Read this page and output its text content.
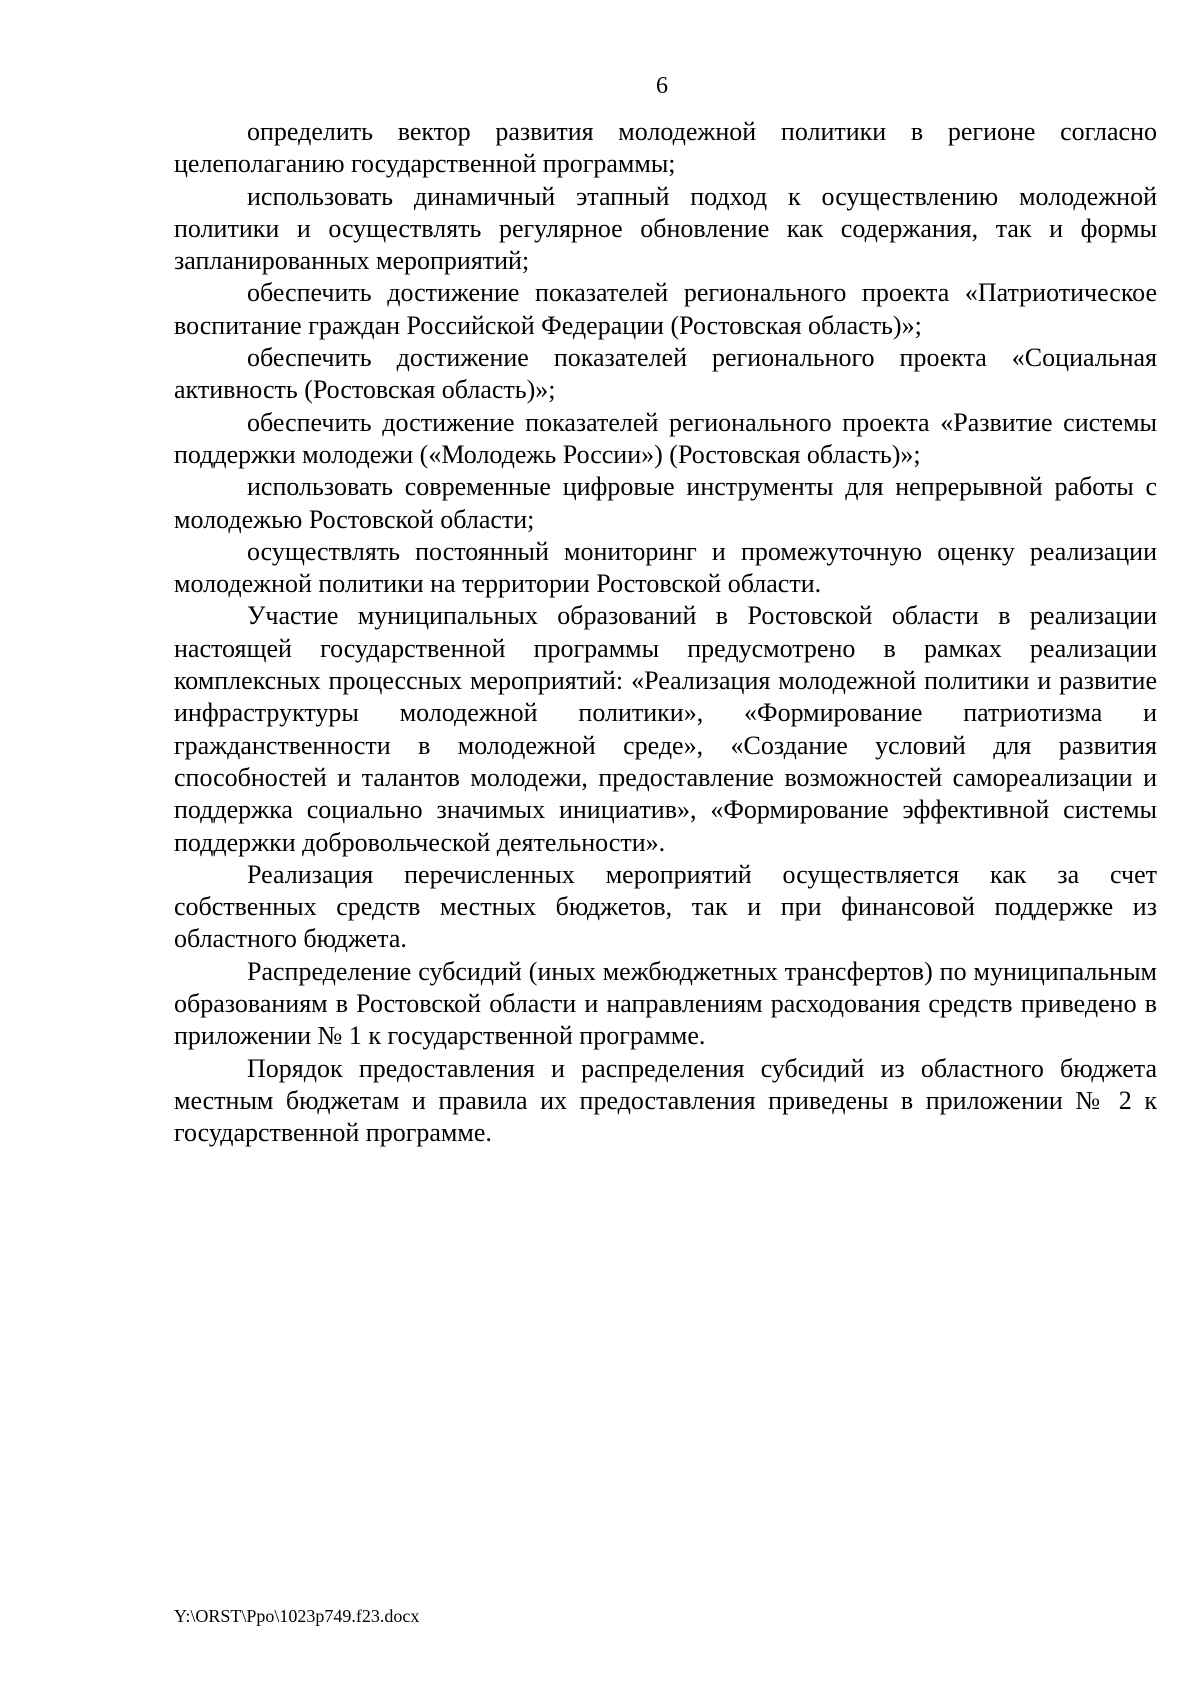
6

определить вектор развития молодежной политики в регионе согласно целеполаганию государственной программы;

использовать динамичный этапный подход к осуществлению молодежной политики и осуществлять регулярное обновление как содержания, так и формы запланированных мероприятий;

обеспечить достижение показателей регионального проекта «Патриотическое воспитание граждан Российской Федерации (Ростовская область)»;

обеспечить достижение показателей регионального проекта «Социальная активность (Ростовская область)»;

обеспечить достижение показателей регионального проекта «Развитие системы поддержки молодежи («Молодежь России») (Ростовская область)»;

использовать современные цифровые инструменты для непрерывной работы с молодежью Ростовской области;

осуществлять постоянный мониторинг и промежуточную оценку реализации молодежной политики на территории Ростовской области.

Участие муниципальных образований в Ростовской области в реализации настоящей государственной программы предусмотрено в рамках реализации комплексных процессных мероприятий: «Реализация молодежной политики и развитие инфраструктуры молодежной политики», «Формирование патриотизма и гражданственности в молодежной среде», «Создание условий для развития способностей и талантов молодежи, предоставление возможностей самореализации и поддержка социально значимых инициатив», «Формирование эффективной системы поддержки добровольческой деятельности».

Реализация перечисленных мероприятий осуществляется как за счет собственных средств местных бюджетов, так и при финансовой поддержке из областного бюджета.

Распределение субсидий (иных межбюджетных трансфертов) по муниципальным образованиям в Ростовской области и направлениям расходования средств приведено в приложении № 1 к государственной программе.

Порядок предоставления и распределения субсидий из областного бюджета местным бюджетам и правила их предоставления приведены в приложении № 2 к государственной программе.

Y:\ORST\Ppo\1023p749.f23.docx
